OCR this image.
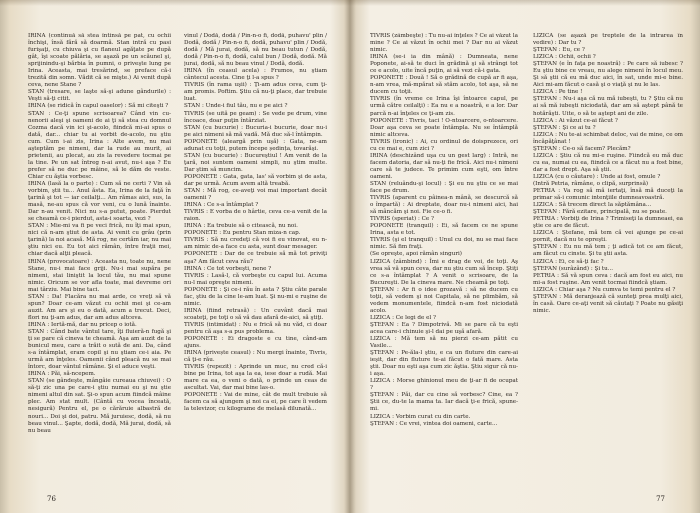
IRINA (continuă să stea întinsă pe pat, cu ochii închişi, însă fără să doarmă. Stan intră cu pasi furişaţi, cu chiuva şi cu flaneul agăţate pe după gât, îşi scoate pălăria, se aşază pe un scăunel şi, sprijinindu-şi bărbia în pumni, o priveşte lung pe Irina. Aceasta, mai tresărind, se preface că-i trezită din somn. Vădit că se mişte.) Ai venit după ceva, nene Stane ?

STAN (tresare, se laşte să-şi adune gândurile) : Veşti să-ţi citit.

IRINA (se ridică în capul oaselor) : Să mi citeşti ?

STAN : Ce-ţi spune scrisoarea? Când vin cu-nenorii aleşi şi oameni de ai ţi să stea cu domnul Cozma dacă vin ici şi-acolo, fiindcă mi-ai spus o dată, dar... chiar tu ai vorbit de-acolo, nu ştiu cum. Cum i-ai zis, Irina : Alte avem, nu mai aşteptăm pe nimeni, dar la rude au murit, ai prietenii, au plecat, au zis la revedere tocmai pe la tine. Pe un sat întreg n-ai avut, nu-i aşa ? Eu prefer să ne duc pe mâine, să le dăm de veste. Chiar cu ăştia vorbesc.

IRINA (lasă la o parte) : Cum să ne certi ? Vin să vorbim, ştii tu... Anul ăsta. Ea, Irina de la faţă în ţarină şi tot — iar ceilalţi... Am rămas aici, sus, la masă, ne-au spus că vor veni, cu o lună înainte. Dar n-au venit. Nici nu s-a putut, poate. Pierdut se cheamă ce-i pierdut, asta-i soarta, vezi ?

STAN : Mie-mi va fi pe veci frică, nu îţi mai spun, nici că n-am ştiut de asta. Ai venit cu grâu (prin ţarină) la noi acasă. Mă rog, ne certăm iar, nu mai ştiu nici eu. Eu tot aici rămân, între fraţii mei, chiar dacă alţii pleacă.

IRINA (provocatoare) : Aceasta nu, toate nu, nene Stane, nu-i mai face griji. Nu-i mai supăra pe nimeni, stai liniştit la locul tău, nu mai spune nimic. Oricum se vor afla toate, mai devreme ori mai târziu. Mai bine taci.

STAN : Da! Flacăra nu mai arde, ce vreţi să vă spun? Doar ce-am văzut cu ochii mei şi ce-am auzit. Am ars şi eu o dată, acum a trecut. Deci, flori nu ţi-am adus, dar am adus altceva.

IRINA : Iertă-mă, dar nu pricep o iotă.

STAN : Când bate vântul tare, îţi fluieră-n fugă şi ţi se pare că cineva te cheamă. Aşa am auzit de la bunicul meu, care a trăit o sută de ani. Da, când s-a întâmplat, eram copil şi nu ştiam ce-i aia. Pe urmă am înţeles. Oamenii când pleacă nu se mai întorc, doar vântul rămâne. Şi el aduce veşti.

IRINA : Păi, să-ncepem.

STAN (se gândeşte, mângâie cureaua chiuvei) : O să-ţi zic una pe care-i ştiu numai eu şi nu ştie nimeni altul din sat. Şi-o spun acum fiindcă mâine plec. Am stat mult. (Cântă cu vocea înceată, nesigură) Pentru el, pe o cărăruie albastră de nouri... Doi şi doi, patru. Mă juruiesc, dodă, să nu beau vinul... Şapte, dodă, dodă, Mă jurai, dodă, să nu beau

vinul / Dodă, dodă / Pin-n-o fi, dodă, puhavu' plin / Dodă, dodă / Pin-n-o fi, dodă, puhavu' plin / Dodă, dodă / Mă jurai, dodă, să nu beau tutun / Dodă, dodă / Pin-n-o fi, dodă, calul bun / Dodă, dodă. Mă jurai, dodă, să nu beau vinul / Dodă, dodă.

IRINA (în ceasul acela) : Frumos, nu ştiam cântecul acesta. Cine ţi l-a spus ?

TIVRIS (în rama uşii) : Ţi-am adus ceva, cum ţi-am promis. Poftim. Ştiu că nu-ţi place, dar trebuie luat.

STAN : Unde-i fiul tău, nu e pe aici ?

TIVRIS (se uită pe geam) : Se vede pe drum, vine încoace, doar puţin întârziat.

STAN (cu bucurie) : Bucuria-i bucurie, doar nu-i pe aici nimeni să mă vadă. Mă duc să-l întâmpin.

POPONETE (aleargă prin uşă) : Gata, ne-am adunat cu toţii, putem începe ședința, tovarăşi.

STAN (cu bucurie) : Bucureştiul ! Am venit de la ţară, noi suntem oameni simpli, nu ştim multe. Dar ştim să muncim.

POPONETE : Gata, gata, las' să vorbim şi de asta, dar pe urmă. Acum avem altă treabă.

STAN : Mă rog, ce-aveţi voi mai important decât oamenii ?

IRINA : Ce s-a întâmplat ?

TIVRIS : E vorba de o hârtie, ceva ce-a venit de la raion.

IRINA : Ea trebuie să o citească, nu noi.

POPONETE : Eu pentru Stan miza-n cap.

TIVRIS : Să nu credeţi că voi fi eu vinovat, eu n-am nimic de-a face cu asta, sunt doar mesager.

POPONETE : Dar de ce trebuie să mă tot priviţi aşa? Am făcut ceva rău?

IRINA : Ce tot vorbeşti, nene ?

TIVRIS : Lasă-l, că vorbeşte cu capul lui. Acuma nu-l mai opreşte nimeni.

POPONETE : Şi ce-i rău în asta ? Ştiu câte parale fac, ştiu de la cine le-am luat. Şi nu-mi e ruşine de nimic.

IRINA (fiind retrasă) : Un cuvânt dacă mai scoateţi, pe toţi o să vă dau afară de-aici, să ştiţi.

TIVRIS (intimidat) : Nu e frică să nu văd, ci doar pentru că aşa s-a pus problema.

POPONETE : Ei dragoste e cu tine, când-am ajuns.

IRINA (privește ceasul) : Nu mergi înainte, Tivris, că ţi-e rău.

TIVRIS (repezit) : Aprinde un muc, nu cred că-i bine pe Irina, tot aşa la ea, iese doar a rudă. Mai mare ca ea, o veni o dată, o prinde un ceas de ascultat. Vai, dar mai bine las-o.

POPONETE : Vai de mine, cât de mult trebuie să facem ca să ajungem şi noi ca ei, pe care îi vedem la televizor, cu kilograme de melasă dilunată...

76

TIVRIS (zâmbeşte) : Tu nu-ai înţeles ? Ce ai văzut la mine ? Ce ai văzut în ochii mei ? Dar nu ai văzut nimic.

IRINA (se-i ia din mână) : Dumneata, nene Poponete, ai-să te duci în grădină şi să strângi tot ce e acolo, uite încă puţin, ai să vezi că-i gata.

POPONETE : Două ! Să o grădină de cupă ar fi aşa, n-am vrea, mă-mpărat să stăm acolo, tot aşa, să ne ducem cu toţii.

TIVRIS (în vreme ce Irina îşi întoarce capul, pe urmă către ceilalţi) : Ea nu e a noastră, e a lor. Dar parcă n-ai înţeles ce ţi-am zis.

POPONETE : Tivris, taci ! O-ntoarcere, o-ntoarcere. Doar aşa ceva se poate întâmpla. Nu se întâmplă nimic altceva.

TIVRIS (ironic) : Ai, cu ordinul de doisprezece, ori cu ce mai e, cum zici ?

IRINA (deschizând uşa cu un gest larg) : Intră, ne facem datoria, dar să nu-ţi fie frică. Aici nu-i nimeni care să te judece. Te primim cum eşti, om între oameni.

STAN (reluându-şi locul) : Şi eu nu ştiu ce se mai face pe drum.

TIVRIS (aparent cu pâinea-n mână, se descurcă să o împartă) : Ai dreptate, doar nu-i nimeni aici, hai să mâncăm şi noi. Fie ce-o fi.

TIVRIS (speriat) : Ce ?

POPONETE (tranquil) : Ei, să facem ce ne spune Irina, asta e tot.

TIVRIS (şi el tranquil) : Unul cu doi, nu se mai face nimic. Să fim fraţi.

(Se opreşte, apoi rămân singuri)

LIZICA (zâmbind) : Îmi e drag de voi, de toţi. Aş vrea să vă spun ceva, dar nu ştiu cum să încep. Ştiţi ce s-a întâmplat ? A venit o scrisoare, de la Bucureşti. De la cineva mare. Ne cheamă pe toţi.

ŞTEFAN : Ar fi o idee grozavă : să ne ducem cu toţii, să vedem şi noi Capitala, să ne plimbăm, să vedem monumentele, fiindcă n-am fost niciodată acolo.

LIZICA : Ce legi de el ?

ŞTEFAN : Ea ? Dimpotrivă. Mi se pare că tu eşti acea care-i chinuie şi-l dai pe uşă afară.

LIZICA : Mă tem să nu pierzi ce-am pătit cu Vasile...

ŞTEFAN : Pe-ăla-l ştiu, e ca un fluture din care-ai ieşit, dar din fluture te-ai făcut o fată mare. Asta ştii. Doar nu eşti aşa cum zic ăştia. Ştiu sigur că nu-i aşa.

LIZICA : Morse ghinionul meu de ţi-ar fi de ocupat ?

ŞTEFAN : Păi, dar cu cine să vorbesc? Cine, ea ? Ştii ce, du-te la mama ta. Iar dacă ţi-e frică, spune-mi.

LIZICA : Vorbim curat cu din carte.

ŞTEFAN : Ce vrei, vintea doi oameni, carte...

LIZICA (se aşază pe treptele de la intrarea în vedire) : Dar tu ?

ŞTEFAN : Eu, ce ?

LIZICA : Ochii, ochii ?

ŞTEFAN (e în faţa pe noastră) : Pe care să iubesc ? Eu ştiu bine ce vreau, nu alege nimeni în locul meu. Şi să ştii că eu mă duc aici, în sat, unde mi-e bine. Aici mi-am făcut o casă şi o viaţă şi nu le las.

LIZICA : Pe tine !

ŞTEFAN : Nu-i aşa că nu mă iubeşti, tu ? Ştiu că nu ai să mă iubeşti niciodată, dar am să aştept până te hotărăşti. Uite, o să te aştept ani de zile.

LIZICA : Ai văzut ce-ai făcut ?

ŞTEFAN : Şi ce ai tu ?

LIZICA : Nu te-ai schimbat deloc, vai de mine, ce om încăpăţânat !

ŞTEFAN : Ce-o să facem? Plecăm?

LIZICA : Ştiu că nu mi-e ruşine. Fiindcă eu mă duc cu ea, numai cu ea, fiindcă ce a făcut nu a fost bine, dar a fost drept. Aşa să ştii.

LIZICA (cu o căutare) : Unde ai fost, omule ?

(Intră Petria, râmâne, o clipă, surprinsă)

PETRIA : Va rog să mă iertaţi, însă mă duceţi la primar să-i comunic intenţiile dumneavoastră.

LIZICA : Să trecem direct la săptămâna...

ŞTEFAN : Fără ezitare, principală, nu se poate.

PETRIA : Vorbiţi de Irina ? Trimiseţi la dumneaei, ea ştie ce are de făcut.

LIZICA : Ştefane, mă tem că vei ajunge pe ce-ai pornit, dacă nu te opreşti.

ŞTEFAN : Eu nu mă tem ; ţi adică tot ce am făcut, am făcut cu cinste. Şi tu ştii asta.

LIZICA : Ei, ce să-ţi fac ?

ŞTEFAN (surâzând) : Şi tu...

PETRIA : Să vă spun ceva : dacă am fost eu aici, nu mi-a fost ruşine. Am venit tocmai fiindcă ştiam.

LIZICA : Chiar aşa ? Nu cumva te temi pentru el ?

ŞTEFAN : Mă deranjează că sunteţi prea mulţi aici, în casă. Oare ce-aţi venit să căutaţi ? Poate nu găsiţi nimic.

77
